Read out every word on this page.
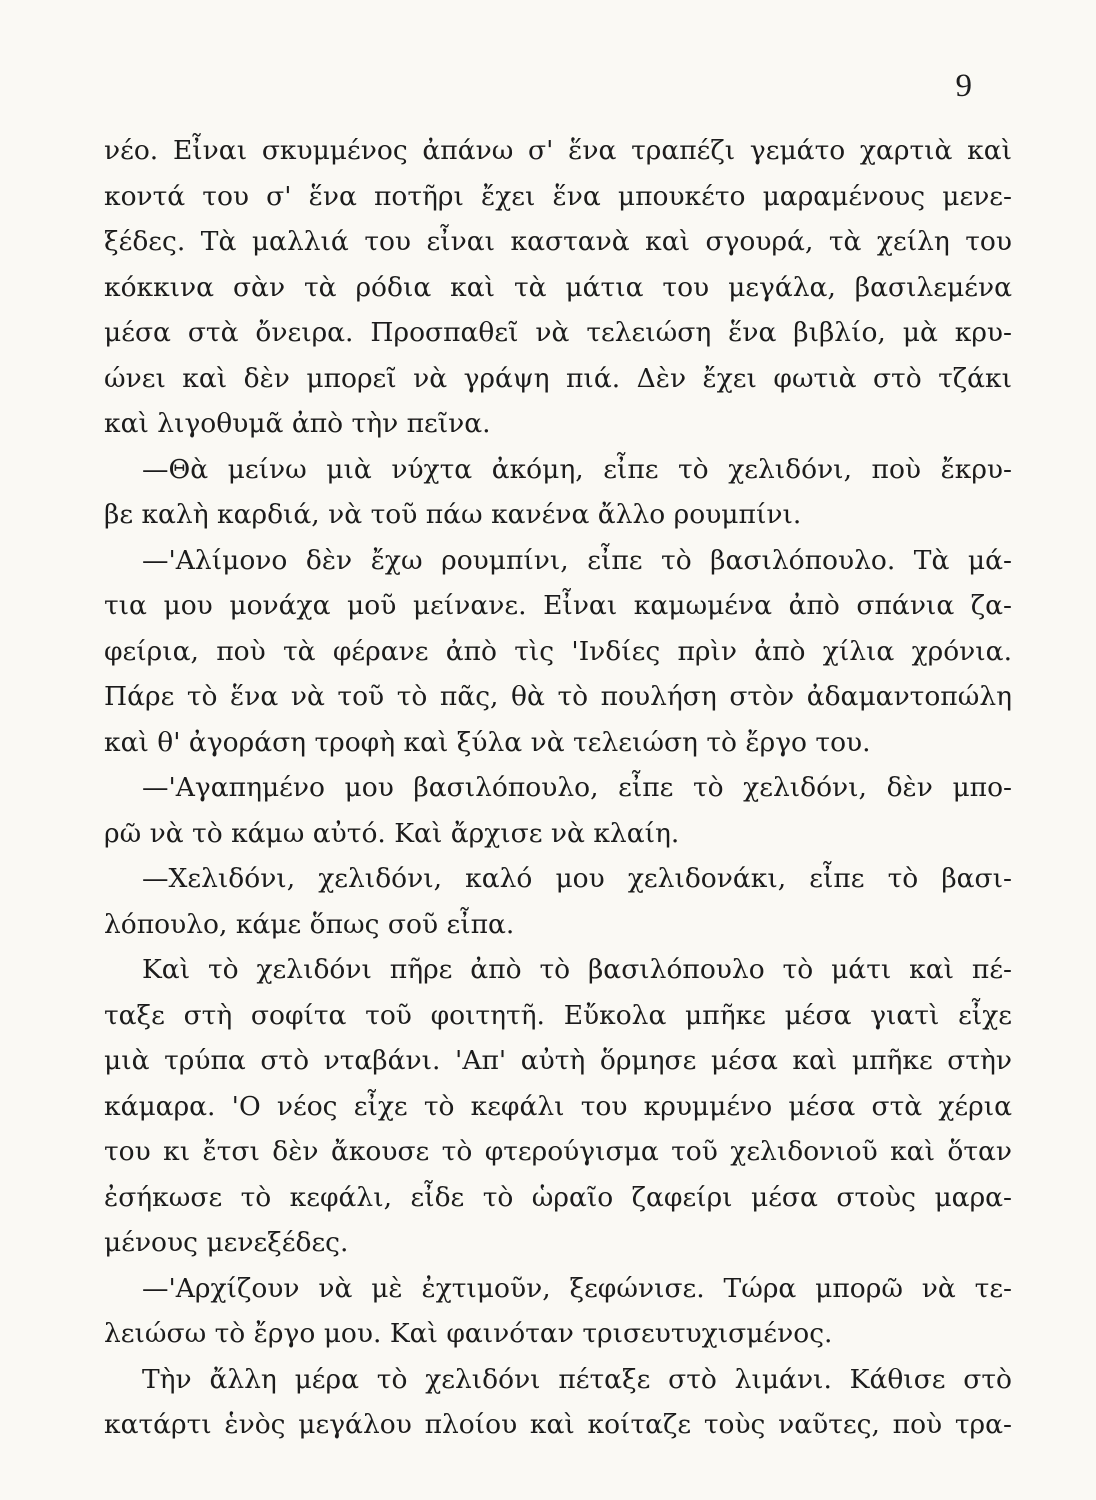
9
νέο. Εἶναι σκυμμένος ἀπάνω σ' ἕνα τραπέζι γεμάτο χαρτιὰ καὶ
κοντά του σ' ἕνα ποτῆρι ἔχει ἕνα μπουκέτο μαραμένους μενε-
ξέδες. Τὰ μαλλιά του εἶναι καστανὰ καὶ σγουρά, τὰ χείλη του
κόκκινα σὰν τὰ ρόδια καὶ τὰ μάτια του μεγάλα, βασιλεμένα
μέσα στὰ ὄνειρα. Προσπαθεῖ νὰ τελειώση ἕνα βιβλίο, μὰ κρυ-
ώνει καὶ δὲν μπορεῖ νὰ γράψη πιά. Δὲν ἔχει φωτιὰ στὸ τζάκι
καὶ λιγοθυμᾶ ἀπὸ τὴν πεῖνα.
—Θὰ μείνω μιὰ νύχτα ἀκόμη, εἶπε τὸ χελιδόνι, ποὺ ἔκρυ-
βε καλὴ καρδιά, νὰ τοῦ πάω κανένα ἄλλο ρουμπίνι.
—'Αλίμονο δὲν ἔχω ρουμπίνι, εἶπε τὸ βασιλόπουλο. Τὰ μά-
τια μου μονάχα μοῦ μείνανε. Εἶναι καμωμένα ἀπὸ σπάνια ζα-
φείρια, ποὺ τὰ φέρανε ἀπὸ τὶς 'Ινδίες πρὶν ἀπὸ χίλια χρόνια.
Πάρε τὸ ἕνα νὰ τοῦ τὸ πᾶς, θὰ τὸ πουλήση στὸν ἀδαμαντοπώλη
καὶ θ' ἀγοράση τροφὴ καὶ ξύλα νὰ τελειώση τὸ ἔργο του.
—'Αγαπημένο μου βασιλόπουλο, εἶπε τὸ χελιδόνι, δὲν μπο-
ρῶ νὰ τὸ κάμω αὐτό. Καὶ ἄρχισε νὰ κλαίη.
—Χελιδόνι, χελιδόνι, καλό μου χελιδονάκι, εἶπε τὸ βασι-
λόπουλο, κάμε ὅπως σοῦ εἶπα.
Καὶ τὸ χελιδόνι πῆρε ἀπὸ τὸ βασιλόπουλο τὸ μάτι καὶ πέ-
ταξε στὴ σοφίτα τοῦ φοιτητῆ. Εὔκολα μπῆκε μέσα γιατὶ εἶχε
μιὰ τρύπα στὸ νταβάνι. 'Απ' αὐτὴ ὅρμησε μέσα καὶ μπῆκε στὴν
κάμαρα. 'Ο νέος εἶχε τὸ κεφάλι του κρυμμένο μέσα στὰ χέρια
του κι ἔτσι δὲν ἄκουσε τὸ φτερούγισμα τοῦ χελιδονιοῦ καὶ ὅταν
ἐσήκωσε τὸ κεφάλι, εἶδε τὸ ὡραῖο ζαφείρι μέσα στοὺς μαρα-
μένους μενεξέδες.
—'Αρχίζουν νὰ μὲ ἐχτιμοῦν, ξεφώνισε. Τώρα μπορῶ νὰ τε-
λειώσω τὸ ἔργο μου. Καὶ φαινόταν τρισευτυχισμένος.
Τὴν ἄλλη μέρα τὸ χελιδόνι πέταξε στὸ λιμάνι. Κάθισε στὸ
κατάρτι ἑνὸς μεγάλου πλοίου καὶ κοίταζε τοὺς ναῦτες, ποὺ τρα-
